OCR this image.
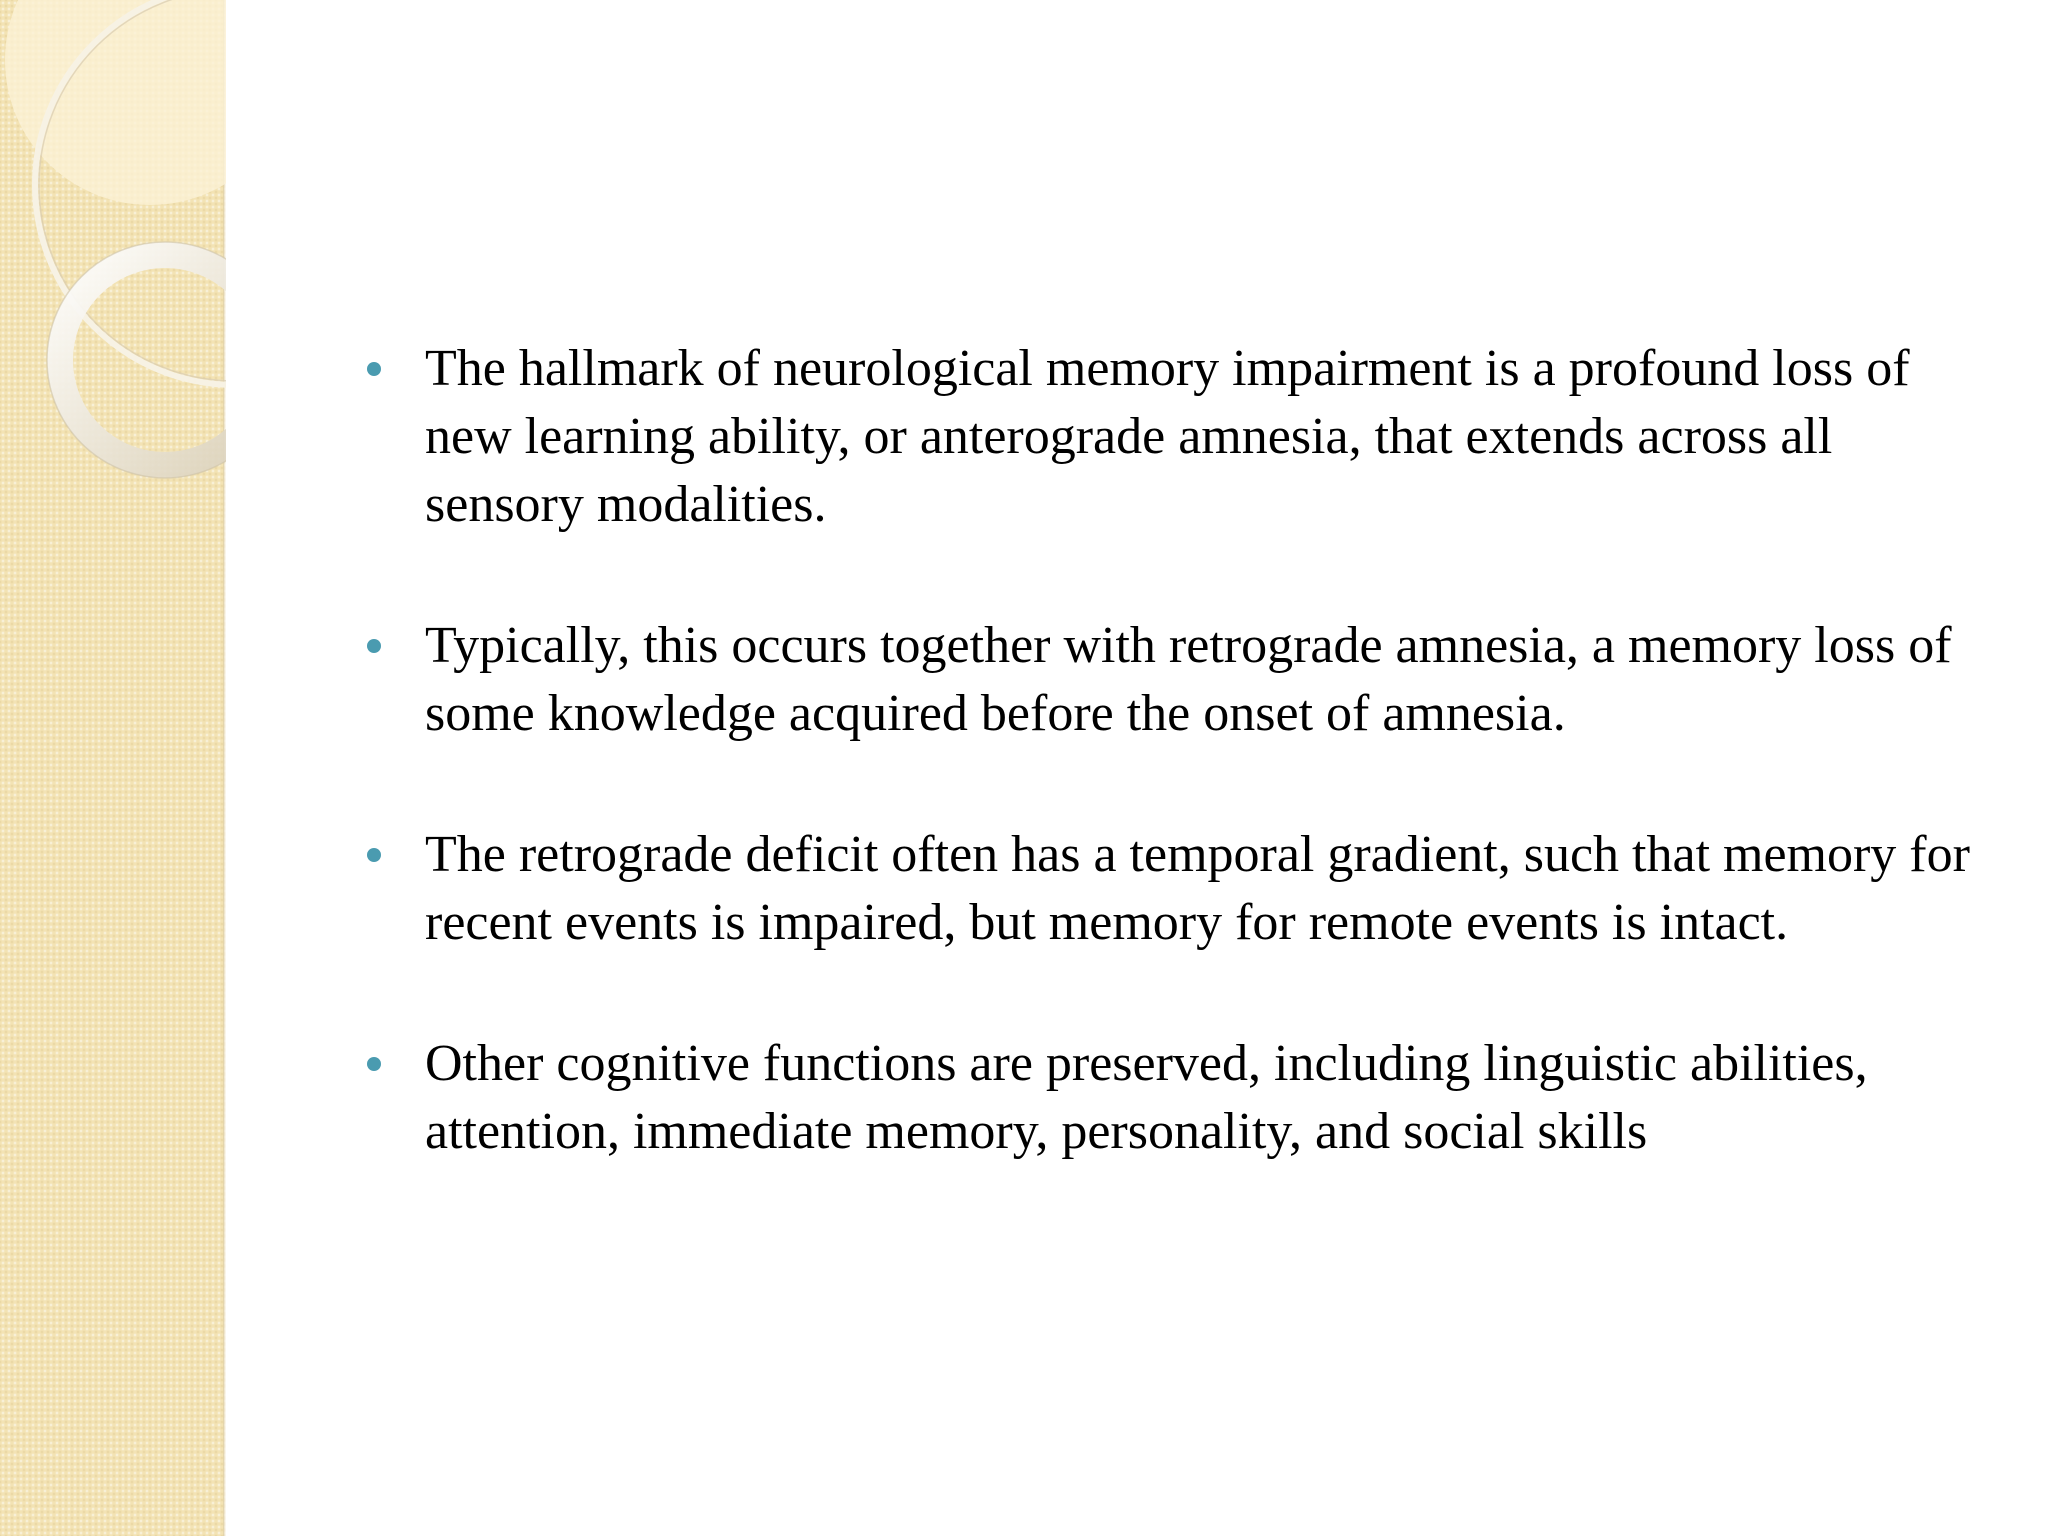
The hallmark of neurological memory impairment is a profound loss of new learning ability, or anterograde amnesia, that extends across all sensory modalities.
Typically, this occurs together with retrograde amnesia, a memory loss of some knowledge acquired before the onset of amnesia.
The retrograde deficit often has a temporal gradient, such that memory for recent events is impaired, but memory for remote events is intact.
Other cognitive functions are preserved, including linguistic abilities, attention, immediate memory, personality, and social skills
